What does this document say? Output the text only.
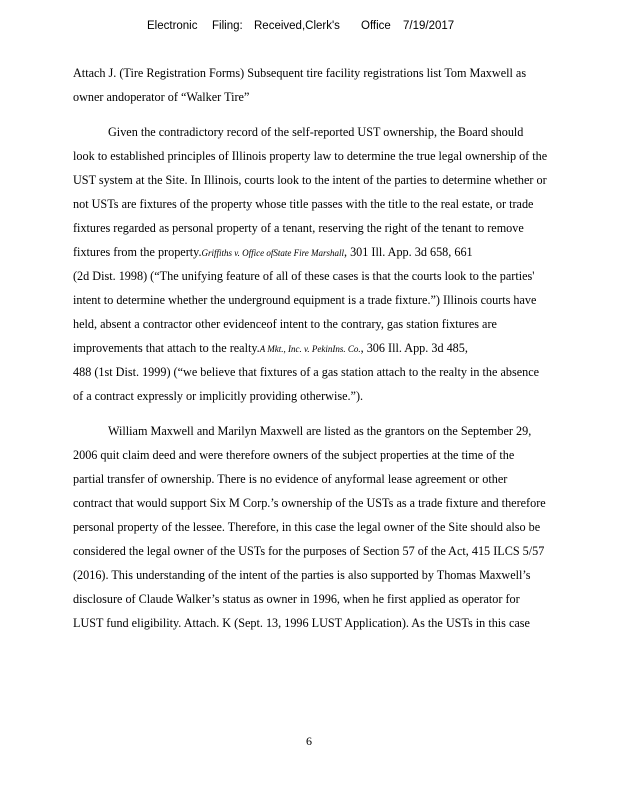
Electronic Filing: Received,Clerk's Office 7/19/2017
Attach J. (Tire Registration Forms) Subsequent tire facility registrations list Tom Maxwell as
owner andoperator of “Walker Tire”
Given the contradictory record of the self-reported UST ownership, the Board should
look to established principles of Illinois property law to determine the true legal ownership of the
UST system at the Site. In Illinois, courts look to the intent of the parties to determine whether or
not USTs are fixtures of the property whose title passes with the title to the real estate, or trade
fixtures regarded as personal property of a tenant, reserving the right of the tenant to remove
fixtures from the property.Griffiths v. Office ofState Fire Marshall, 301 Ill. App. 3d 658, 661
(2d Dist. 1998) (“The unifying feature of all of these cases is that the courts look to the parties'
intent to determine whether the underground equipment is a trade fixture.”) Illinois courts have
held, absent a contractor other evidenceof intent to the contrary, gas station fixtures are
improvements that attach to the realty.A Mkt., Inc. v. PekinIns. Co., 306 Ill. App. 3d 485,
488 (1st Dist. 1999) (“we believe that fixtures of a gas station attach to the realty in the absence
of a contract expressly or implicitly providing otherwise.”).
William Maxwell and Marilyn Maxwell are listed as the grantors on the September 29,
2006 quit claim deed and were therefore owners of the subject properties at the time of the
partial transfer of ownership. There is no evidence of anyformal lease agreement or other
contract that would support Six M Corp.’s ownership of the USTs as a trade fixture and therefore
personal property of the lessee. Therefore, in this case the legal owner of the Site should also be
considered the legal owner of the USTs for the purposes of Section 57 of the Act, 415 ILCS 5/57
(2016). This understanding of the intent of the parties is also supported by Thomas Maxwell’s
disclosure of Claude Walker’s status as owner in 1996, when he first applied as operator for
LUST fund eligibility. Attach. K (Sept. 13, 1996 LUST Application). As the USTs in this case
6
